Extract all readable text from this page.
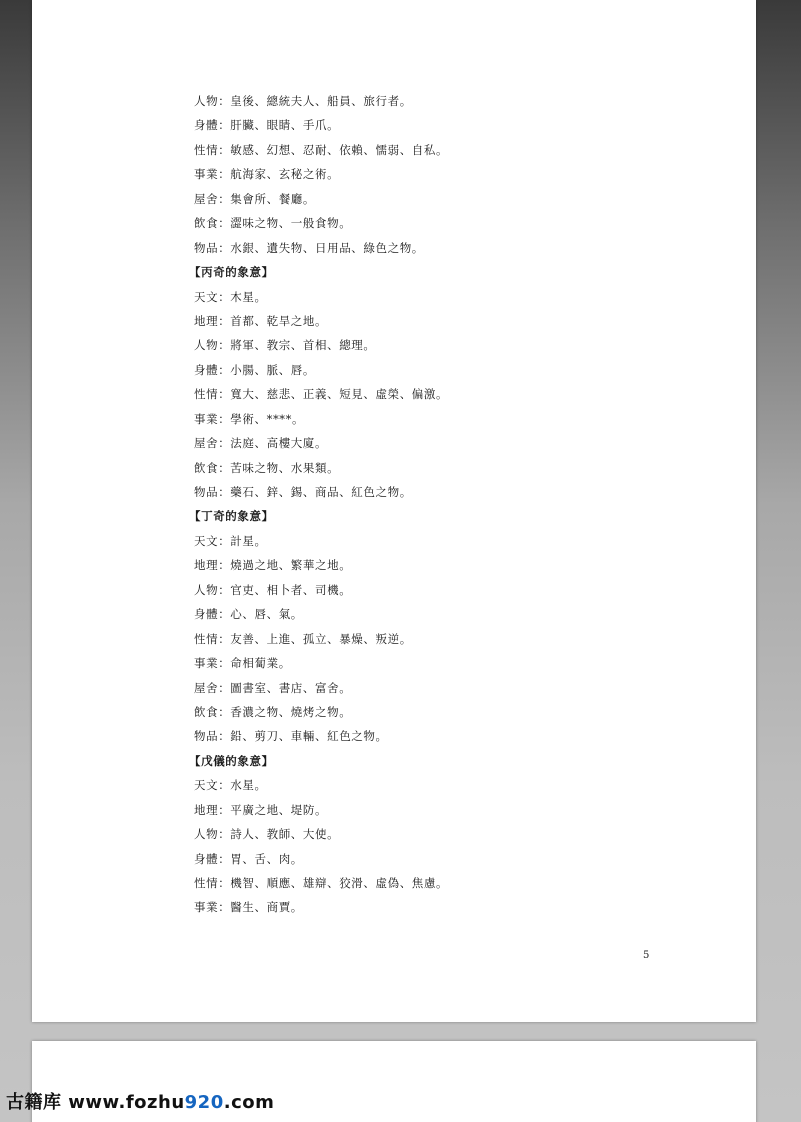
人物：皇後、總統夫人、船員、旅行者。
身體：肝臟、眼睛、手爪。
性情：敏感、幻想、忍耐、依賴、懦弱、自私。
事業：航海家、玄秘之術。
屋舍：集會所、餐廳。
飲食：澀味之物、一般食物。
物品：水銀、遺失物、日用品、綠色之物。
【丙奇的象意】
天文：木星。
地理：首都、乾旱之地。
人物：將軍、教宗、首相、總理。
身體：小腸、脈、唇。
性情：寬大、慈悲、正義、短見、虛榮、偏激。
事業：學術、****。
屋舍：法庭、高樓大廈。
飲食：苦味之物、水果類。
物品：藥石、鋅、錫、商品、紅色之物。
【丁奇的象意】
天文：計星。
地理：燒過之地、繁華之地。
人物：官吏、相卜者、司機。
身體：心、唇、氣。
性情：友善、上進、孤立、暴燥、叛逆。
事業：命相蔔業。
屋舍：圖書室、書店、富舍。
飲食：香濃之物、燒烤之物。
物品：鉛、剪刀、車輛、紅色之物。
【戊儀的象意】
天文：水星。
地理：平廣之地、堤防。
人物：詩人、教師、大使。
身體：胃、舌、肉。
性情：機智、順應、雄辯、狡滑、虛偽、焦慮。
事業：醫生、商賈。
5
古籍库 www.fozhu920.com
